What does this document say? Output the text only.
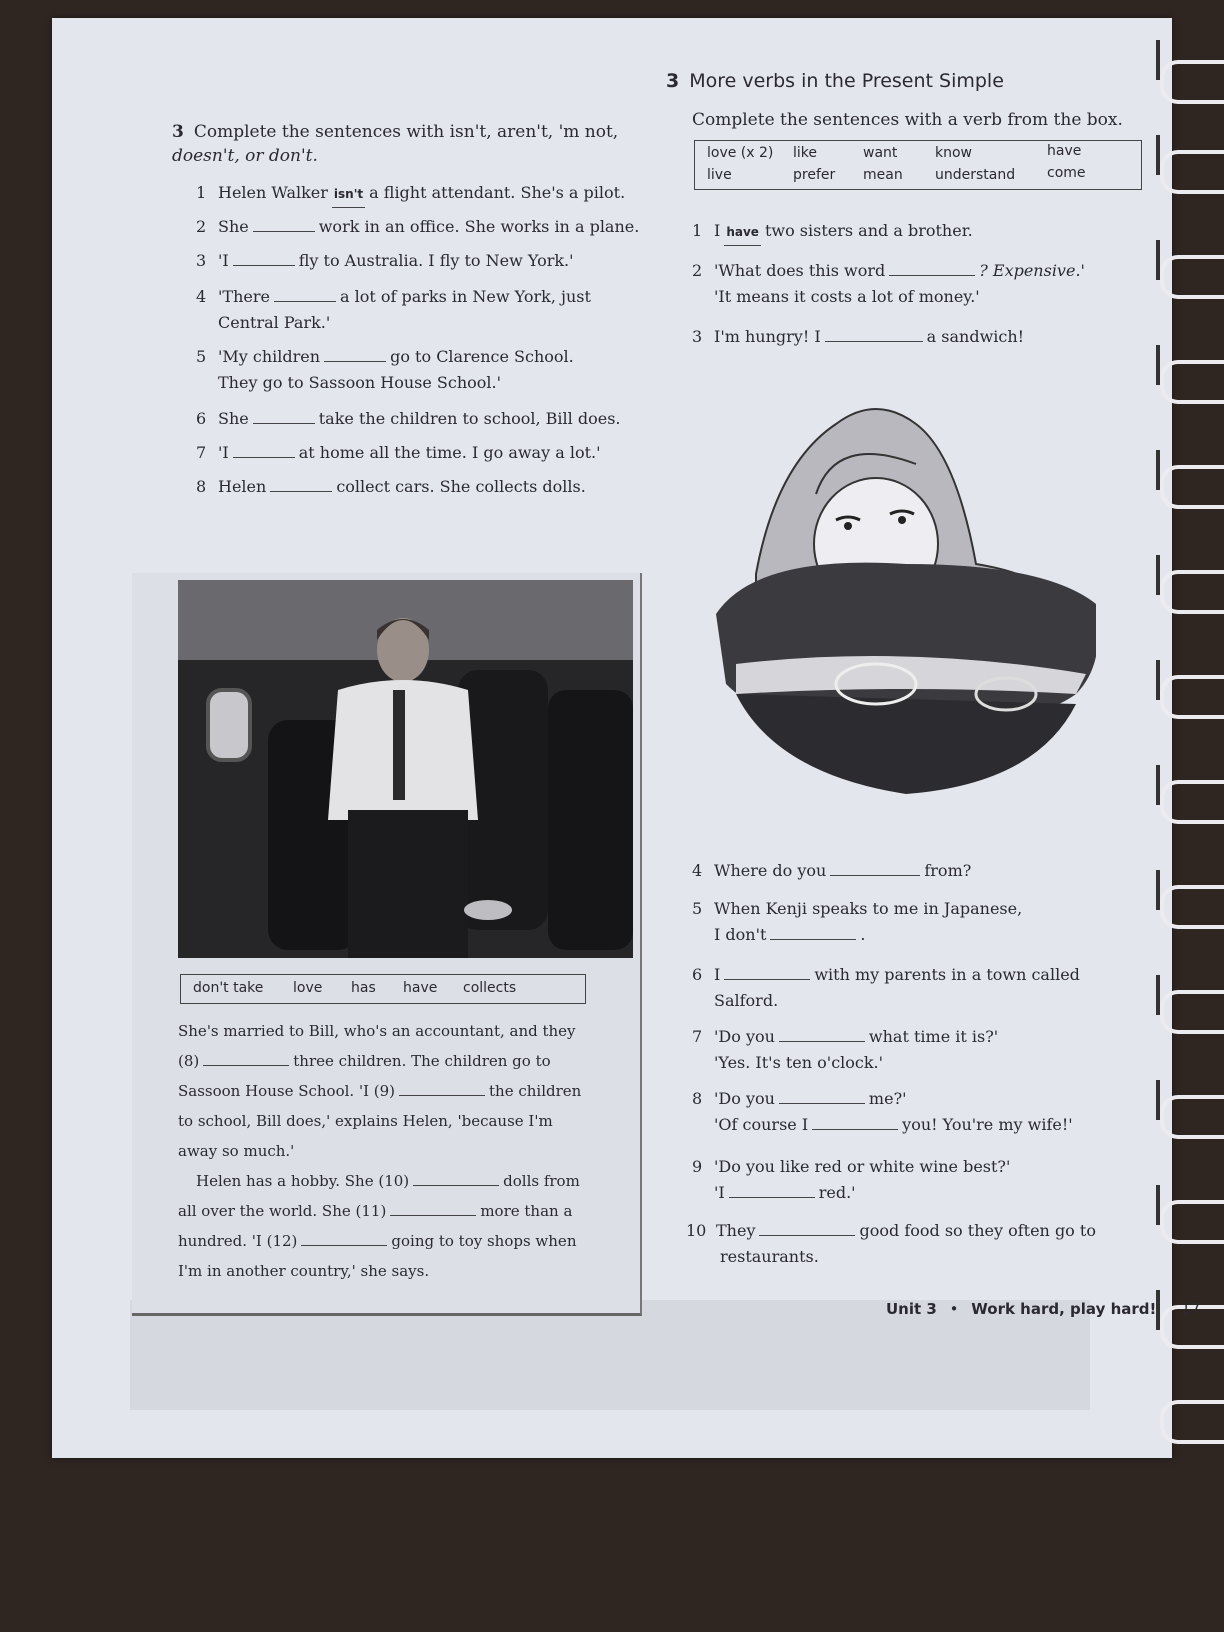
3 Complete the sentences with isn't, aren't, 'm not,
doesn't, or don't.
1 Helen Walker isn't a flight attendant. She's a pilot.
2 She	work in an office. She works in a plane.
3 'I	fly to Australia. I fly to New York.'
4 'There	a lot of parks in New York, just
Central Park.'
5 'My children	go to Clarence School.
They go to Sassoon House School.'
6 She	take the children to school, Bill does.
7 'I	at home all the time. I go away a lot.'
8 Helen	collect cars. She collects dolls.
don't take love has have collects
She's married to Bill, who's an accountant, and they
(8)	three children. The children go to
Sassoon House School. 'I (9)	the children
to school, Bill does,' explains Helen, 'because I'm
away so much.'
Helen has a hobby. She (10)	dolls from
all over the world. She (11)	more than a
hundred. 'I (12)	going to toy shops when
I'm in another country,' she says.
3 More verbs in the Present Simple
Complete the sentences with a verb from the box.
love (x 2) like	want	know	have
live	prefer mean understand come
1 I have two sisters and a brother.
2 'What does this word	? Expensive.'
'It means it costs a lot of money.'
3 I'm hungry! I	a sandwich!
4 Where do you	from?
5 When Kenji speaks to me in Japanese,
I don't	.
6 I	with my parents in a town called
Salford.
7 'Do you	what time it is?'
'Yes. It's ten o'clock.'
8 'Do you	me?'
'Of course I	you! You're my wife!'
9 'Do you like red or white wine best?'
'I	red.'
10 They	good food so they often go to
restaurants.
Unit 3 • Work hard, play hard! 17
